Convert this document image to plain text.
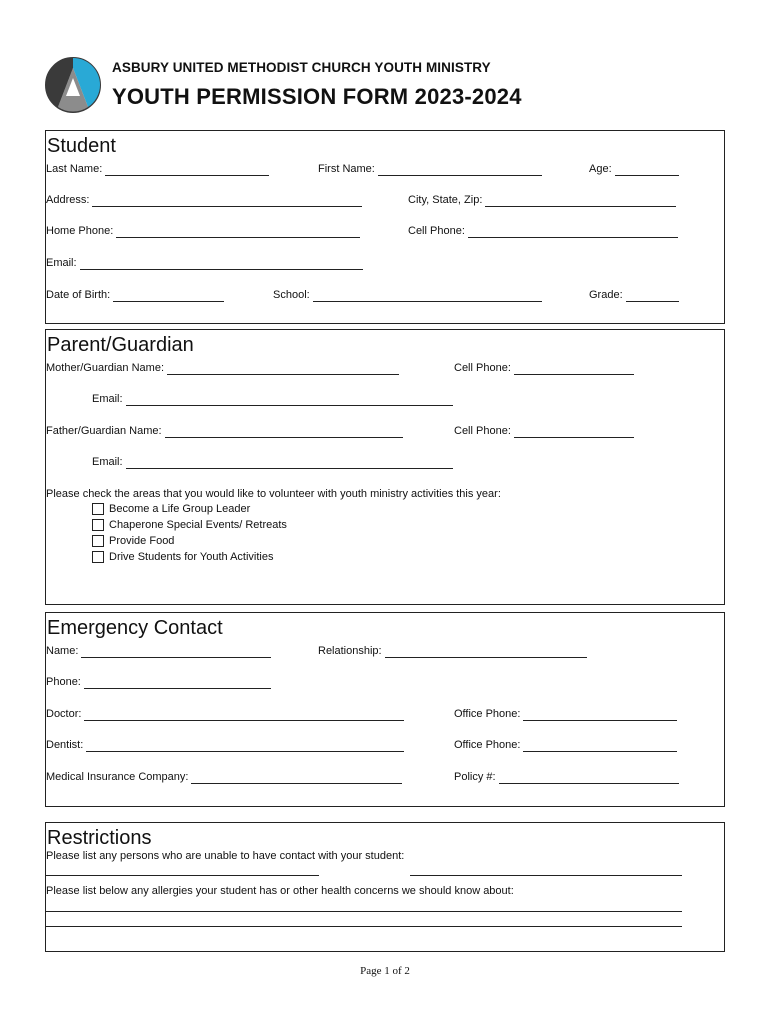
ASBURY UNITED METHODIST CHURCH YOUTH MINISTRY
YOUTH PERMISSION FORM 2023-2024
Student
Last Name:	First Name:	Age:
Address:	City, State, Zip:
Home Phone:	Cell Phone:
Email:
Date of Birth:	School:	Grade:
Parent/Guardian
Mother/Guardian Name:	Cell Phone:
Email:
Father/Guardian Name:	Cell Phone:
Email:
Please check the areas that you would like to volunteer with youth ministry activities this year:
Become a Life Group Leader
Chaperone Special Events/ Retreats
Provide Food
Drive Students for Youth Activities
Emergency Contact
Name:	Relationship:
Phone:
Doctor:	Office Phone:
Dentist:	Office Phone:
Medical Insurance Company:	Policy #:
Restrictions
Please list any persons who are unable to have contact with your student:
Please list below any allergies your student has or other health concerns we should know about:
Page 1 of 2
